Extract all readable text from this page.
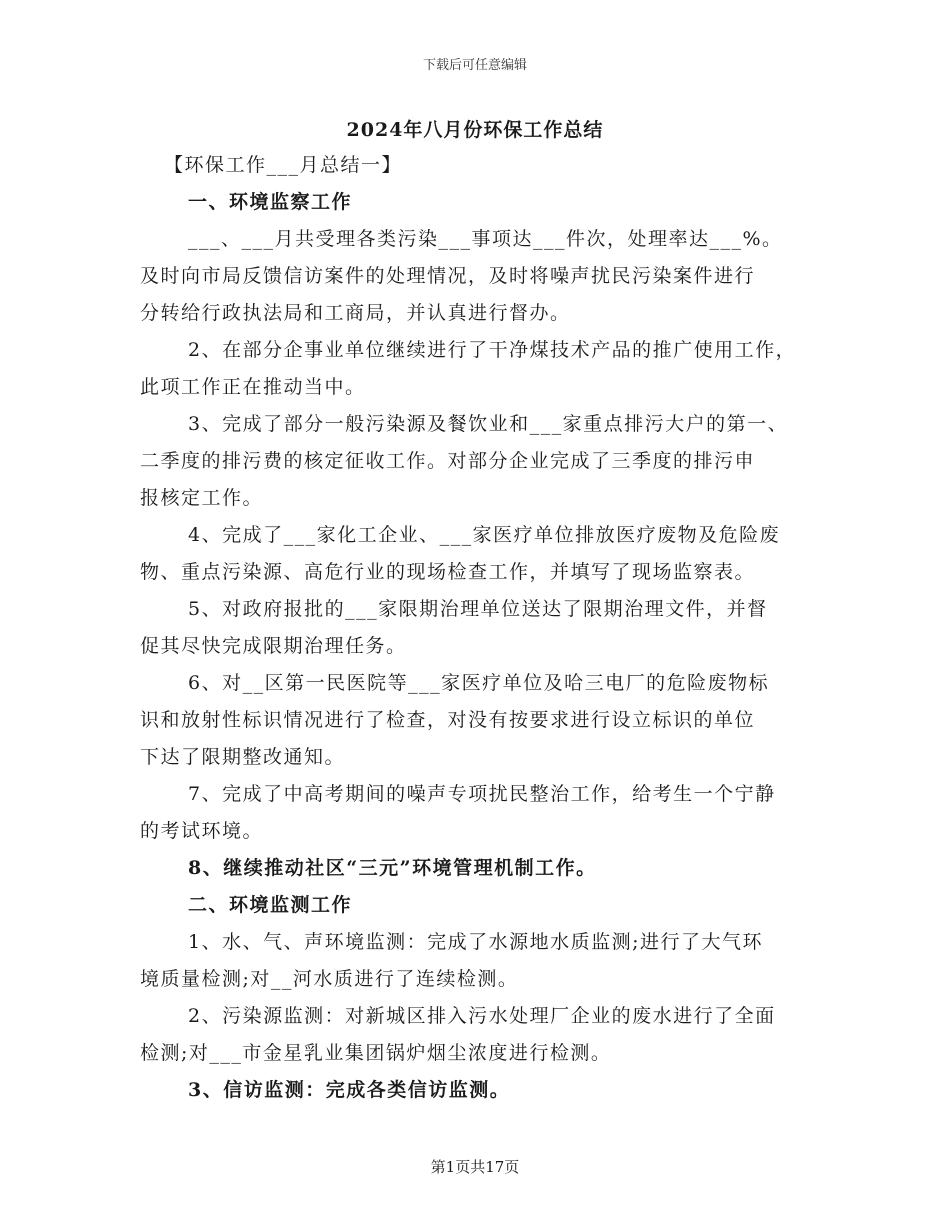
下载后可任意编辑
2024年八月份环保工作总结
【环保工作___月总结一】
一、环境监察工作
___、___月共受理各类污染___事项达___件次，处理率达___%。
及时向市局反馈信访案件的处理情况，及时将噪声扰民污染案件进行
分转给行政执法局和工商局，并认真进行督办。
2、在部分企事业单位继续进行了干净煤技术产品的推广使用工作，
此项工作正在推动当中。
3、完成了部分一般污染源及餐饮业和___家重点排污大户的第一、
二季度的排污费的核定征收工作。对部分企业完成了三季度的排污申
报核定工作。
4、完成了___家化工企业、___家医疗单位排放医疗废物及危险废
物、重点污染源、高危行业的现场检查工作，并填写了现场监察表。
5、对政府报批的___家限期治理单位送达了限期治理文件，并督
促其尽快完成限期治理任务。
6、对__区第一民医院等___家医疗单位及哈三电厂的危险废物标
识和放射性标识情况进行了检查，对没有按要求进行设立标识的单位
下达了限期整改通知。
7、完成了中高考期间的噪声专项扰民整治工作，给考生一个宁静
的考试环境。
8、继续推动社区“三元”环境管理机制工作。
二、环境监测工作
1、水、气、声环境监测：完成了水源地水质监测;进行了大气环
境质量检测;对__河水质进行了连续检测。
2、污染源监测：对新城区排入污水处理厂企业的废水进行了全面
检测;对___市金星乳业集团锅炉烟尘浓度进行检测。
3、信访监测：完成各类信访监测。
第1页共17页
